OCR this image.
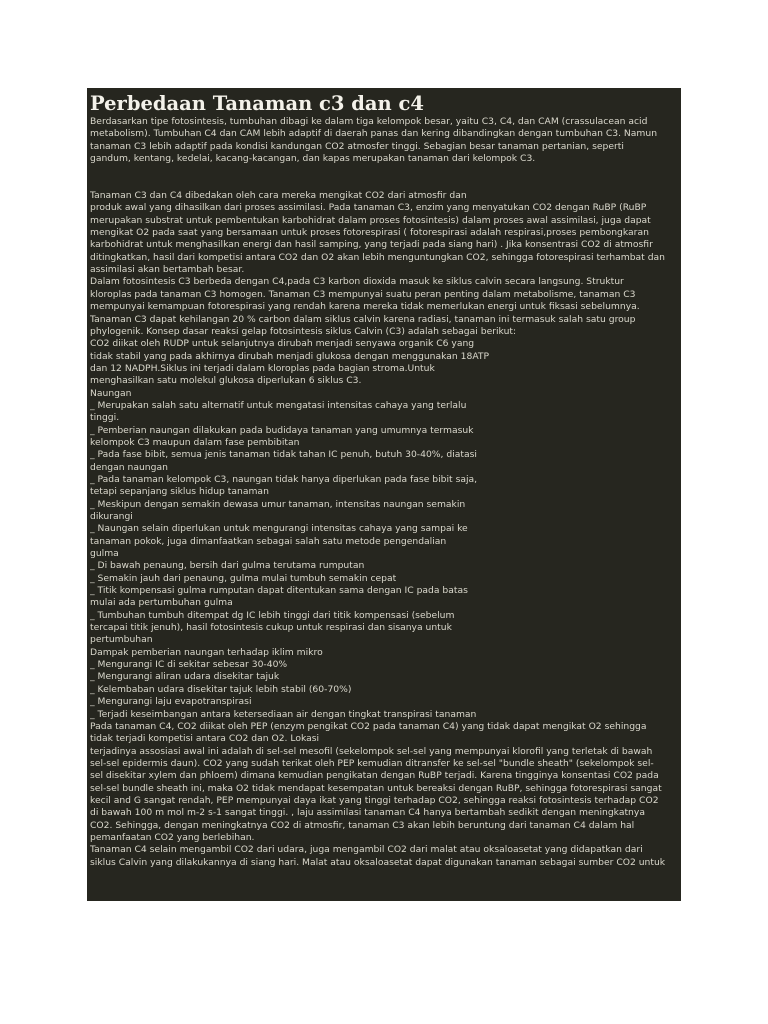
Perbedaan Tanaman c3 dan c4
Berdasarkan tipe fotosintesis, tumbuhan dibagi ke dalam tiga kelompok besar, yaitu C3, C4, dan CAM (crassulacean acid
metabolism). Tumbuhan C4 dan CAM lebih adaptif di daerah panas dan kering dibandingkan dengan tumbuhan C3. Namun
tanaman C3 lebih adaptif pada kondisi kandungan CO2 atmosfer tinggi. Sebagian besar tanaman pertanian, seperti
gandum, kentang, kedelai, kacang-kacangan, dan kapas merupakan tanaman dari kelompok C3.
Tanaman C3 dan C4 dibedakan oleh cara mereka mengikat CO2 dari atmosfir dan
produk awal yang dihasilkan dari proses assimilasi. Pada tanaman C3, enzim yang menyatukan CO2 dengan RuBP (RuBP
merupakan substrat untuk pembentukan karbohidrat dalam proses fotosintesis) dalam proses awal assimilasi, juga dapat
mengikat O2 pada saat yang bersamaan untuk proses fotorespirasi ( fotorespirasi adalah respirasi,proses pembongkaran
karbohidrat untuk menghasilkan energi dan hasil samping, yang terjadi pada siang hari) . Jika konsentrasi CO2 di atmosfir
ditingkatkan, hasil dari kompetisi antara CO2 dan O2 akan lebih menguntungkan CO2, sehingga fotorespirasi terhambat dan
assimilasi akan bertambah besar.
Dalam fotosintesis C3 berbeda dengan C4,pada C3 karbon dioxida masuk ke siklus calvin secara langsung. Struktur
kloroplas pada tanaman C3 homogen. Tanaman C3 mempunyai suatu peran penting dalam metabolisme, tanaman C3
mempunyai kemampuan fotorespirasi yang rendah karena mereka tidak memerlukan energi untuk fiksasi sebelumnya.
Tanaman C3 dapat kehilangan 20 % carbon dalam siklus calvin karena radiasi, tanaman ini termasuk salah satu group
phylogenik. Konsep dasar reaksi gelap fotosintesis siklus Calvin (C3) adalah sebagai berikut:
CO2 diikat oleh RUDP untuk selanjutnya dirubah menjadi senyawa organik C6 yang
tidak stabil yang pada akhirnya dirubah menjadi glukosa dengan menggunakan 18ATP
dan 12 NADPH.Siklus ini terjadi dalam kloroplas pada bagian stroma.Untuk
menghasilkan satu molekul glukosa diperlukan 6 siklus C3.
Naungan
_ Merupakan salah satu alternatif untuk mengatasi intensitas cahaya yang terlalu
tinggi.
_ Pemberian naungan dilakukan pada budidaya tanaman yang umumnya termasuk
kelompok C3 maupun dalam fase pembibitan
_ Pada fase bibit, semua jenis tanaman tidak tahan IC penuh, butuh 30-40%, diatasi
dengan naungan
_ Pada tanaman kelompok C3, naungan tidak hanya diperlukan pada fase bibit saja,
tetapi sepanjang siklus hidup tanaman
_ Meskipun dengan semakin dewasa umur tanaman, intensitas naungan semakin
dikurangi
_ Naungan selain diperlukan untuk mengurangi intensitas cahaya yang sampai ke
tanaman pokok, juga dimanfaatkan sebagai salah satu metode pengendalian
gulma
_ Di bawah penaung, bersih dari gulma terutama rumputan
_ Semakin jauh dari penaung, gulma mulai tumbuh semakin cepat
_ Titik kompensasi gulma rumputan dapat ditentukan sama dengan IC pada batas
mulai ada pertumbuhan gulma
_ Tumbuhan tumbuh ditempat dg IC lebih tinggi dari titik kompensasi (sebelum
tercapai titik jenuh), hasil fotosintesis cukup untuk respirasi dan sisanya untuk
pertumbuhan
Dampak pemberian naungan terhadap iklim mikro
_ Mengurangi IC di sekitar sebesar 30-40%
_ Mengurangi aliran udara disekitar tajuk
_ Kelembaban udara disekitar tajuk lebih stabil (60-70%)
_ Mengurangi laju evapotranspirasi
_ Terjadi keseimbangan antara ketersediaan air dengan tingkat transpirasi tanaman
Pada tanaman C4, CO2 diikat oleh PEP (enzym pengikat CO2 pada tanaman C4) yang tidak dapat mengikat O2 sehingga
tidak terjadi kompetisi antara CO2 dan O2. Lokasi
terjadinya assosiasi awal ini adalah di sel-sel mesofil (sekelompok sel-sel yang mempunyai klorofil yang terletak di bawah
sel-sel epidermis daun). CO2 yang sudah terikat oleh PEP kemudian ditransfer ke sel-sel "bundle sheath" (sekelompok sel-
sel disekitar xylem dan phloem) dimana kemudian pengikatan dengan RuBP terjadi. Karena tingginya konsentasi CO2 pada
sel-sel bundle sheath ini, maka O2 tidak mendapat kesempatan untuk bereaksi dengan RuBP, sehingga fotorespirasi sangat
kecil and G sangat rendah, PEP mempunyai daya ikat yang tinggi terhadap CO2, sehingga reaksi fotosintesis terhadap CO2
di bawah 100 m mol m-2 s-1 sangat tinggi. , laju assimilasi tanaman C4 hanya bertambah sedikit dengan meningkatnya
CO2. Sehingga, dengan meningkatnya CO2 di atmosfir, tanaman C3 akan lebih beruntung dari tanaman C4 dalam hal
pemanfaatan CO2 yang berlebihan.
Tanaman C4 selain mengambil CO2 dari udara, juga mengambil CO2 dari malat atau oksaloasetat yang didapatkan dari
siklus Calvin yang dilakukannya di siang hari. Malat atau oksaloasetat dapat digunakan tanaman sebagai sumber CO2 untuk
